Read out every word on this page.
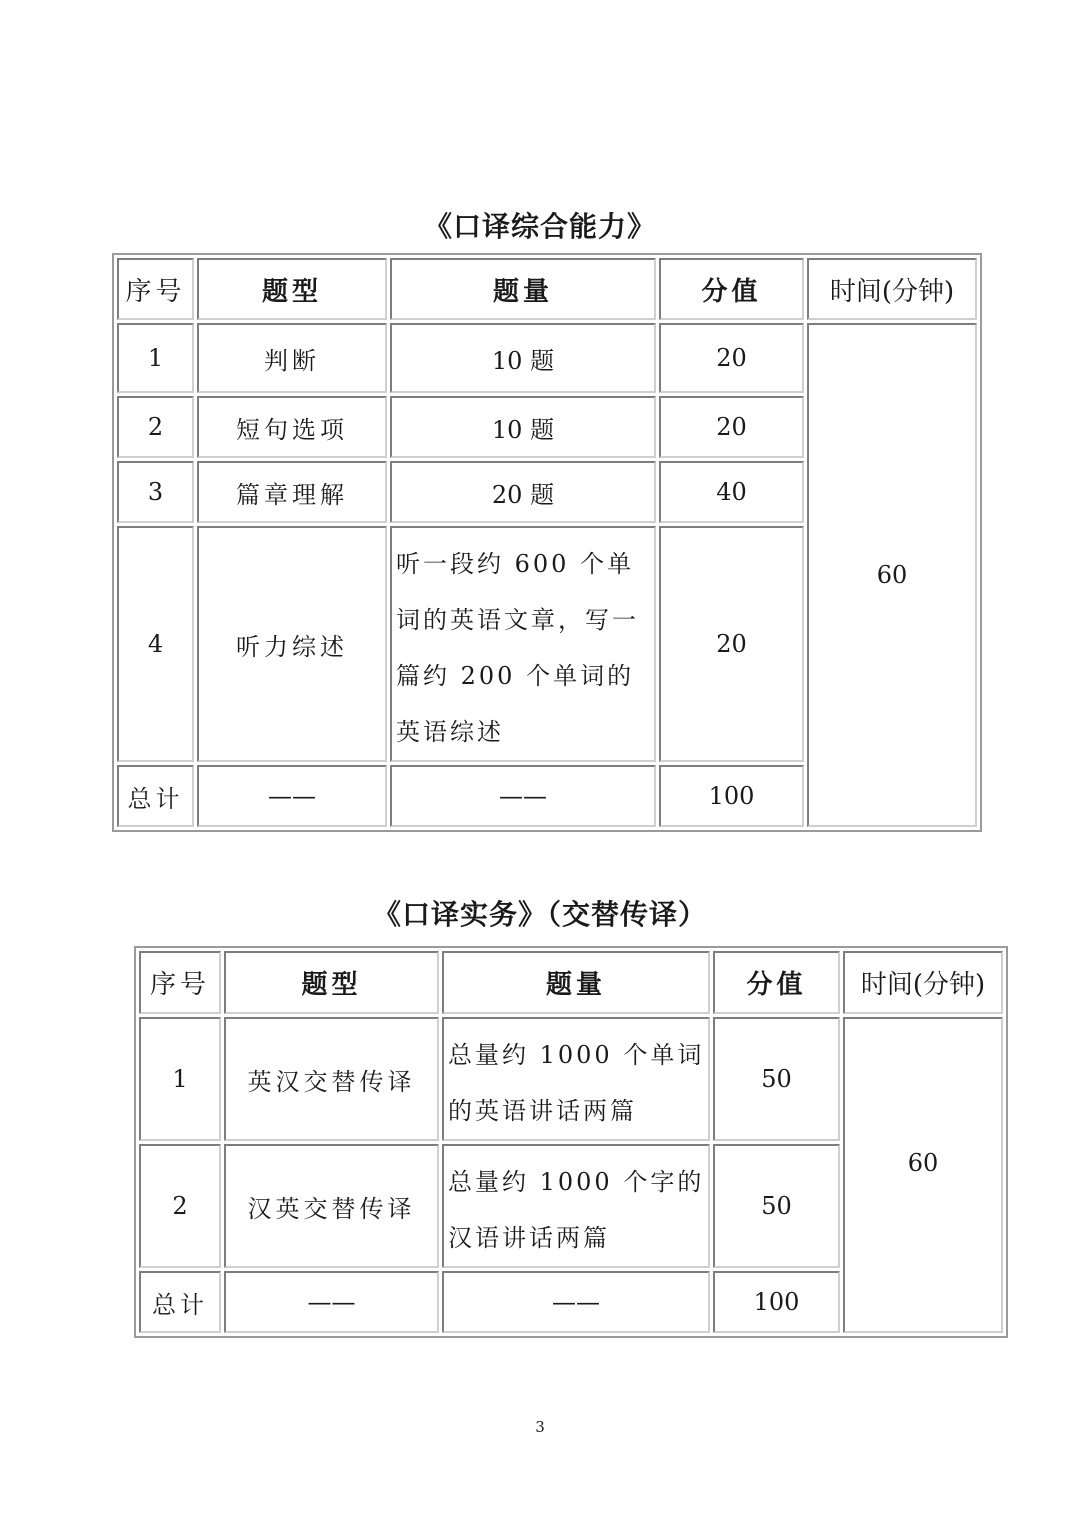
《口译综合能力》
序号	题型	题量	分值	时间(分钟)
1	判断	10 题	20	60
2	短句选项	10 题	20	
3	篇章理解	20 题	40	
4	听力综述	听一段约 600 个单词的英语文章，写一篇约 200 个单词的英语综述	20	
总计	——	——	100	
《口译实务》（交替传译）
序号	题型	题量	分值	时间(分钟)
1	英汉交替传译	总量约 1000 个单词的英语讲话两篇	50	60
2	汉英交替传译	总量约 1000 个字的汉语讲话两篇	50	
总计	——	——	100	
3
